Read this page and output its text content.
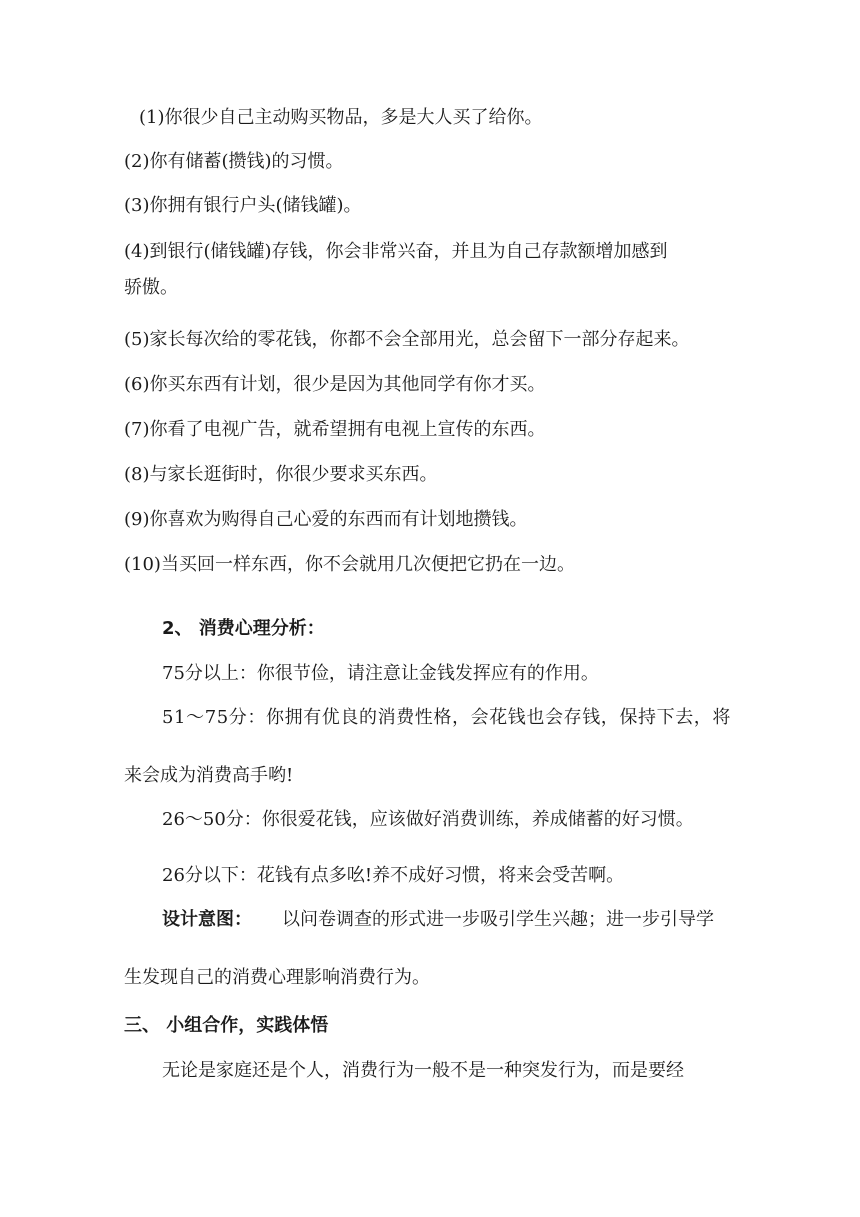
(1)你很少自己主动购买物品，多是大人买了给你。
(2)你有储蓄(攒钱)的习惯。
(3)你拥有银行户头(储钱罐)。
(4)到银行(储钱罐)存钱，你会非常兴奋，并且为自己存款额增加感到
骄傲。
(5)家长每次给的零花钱，你都不会全部用光，总会留下一部分存起来。
(6)你买东西有计划，很少是因为其他同学有你才买。
(7)你看了电视广告，就希望拥有电视上宣传的东西。
(8)与家长逛街时，你很少要求买东西。
(9)你喜欢为购得自己心爱的东西而有计划地攒钱。
(10)当买回一样东西，你不会就用几次便把它扔在一边。
2、 消费心理分析：
75分以上：你很节俭，请注意让金钱发挥应有的作用。
51～75分：你拥有优良的消费性格，会花钱也会存钱，保持下去，将
来会成为消费高手哟!
26～50分：你很爱花钱，应该做好消费训练，养成储蓄的好习惯。
26分以下：花钱有点多吆!养不成好习惯，将来会受苦啊。
设计意图： 以问卷调查的形式进一步吸引学生兴趣；进一步引导学
生发现自己的消费心理影响消费行为。
三、 小组合作，实践体悟
无论是家庭还是个人，消费行为一般不是一种突发行为，而是要经
